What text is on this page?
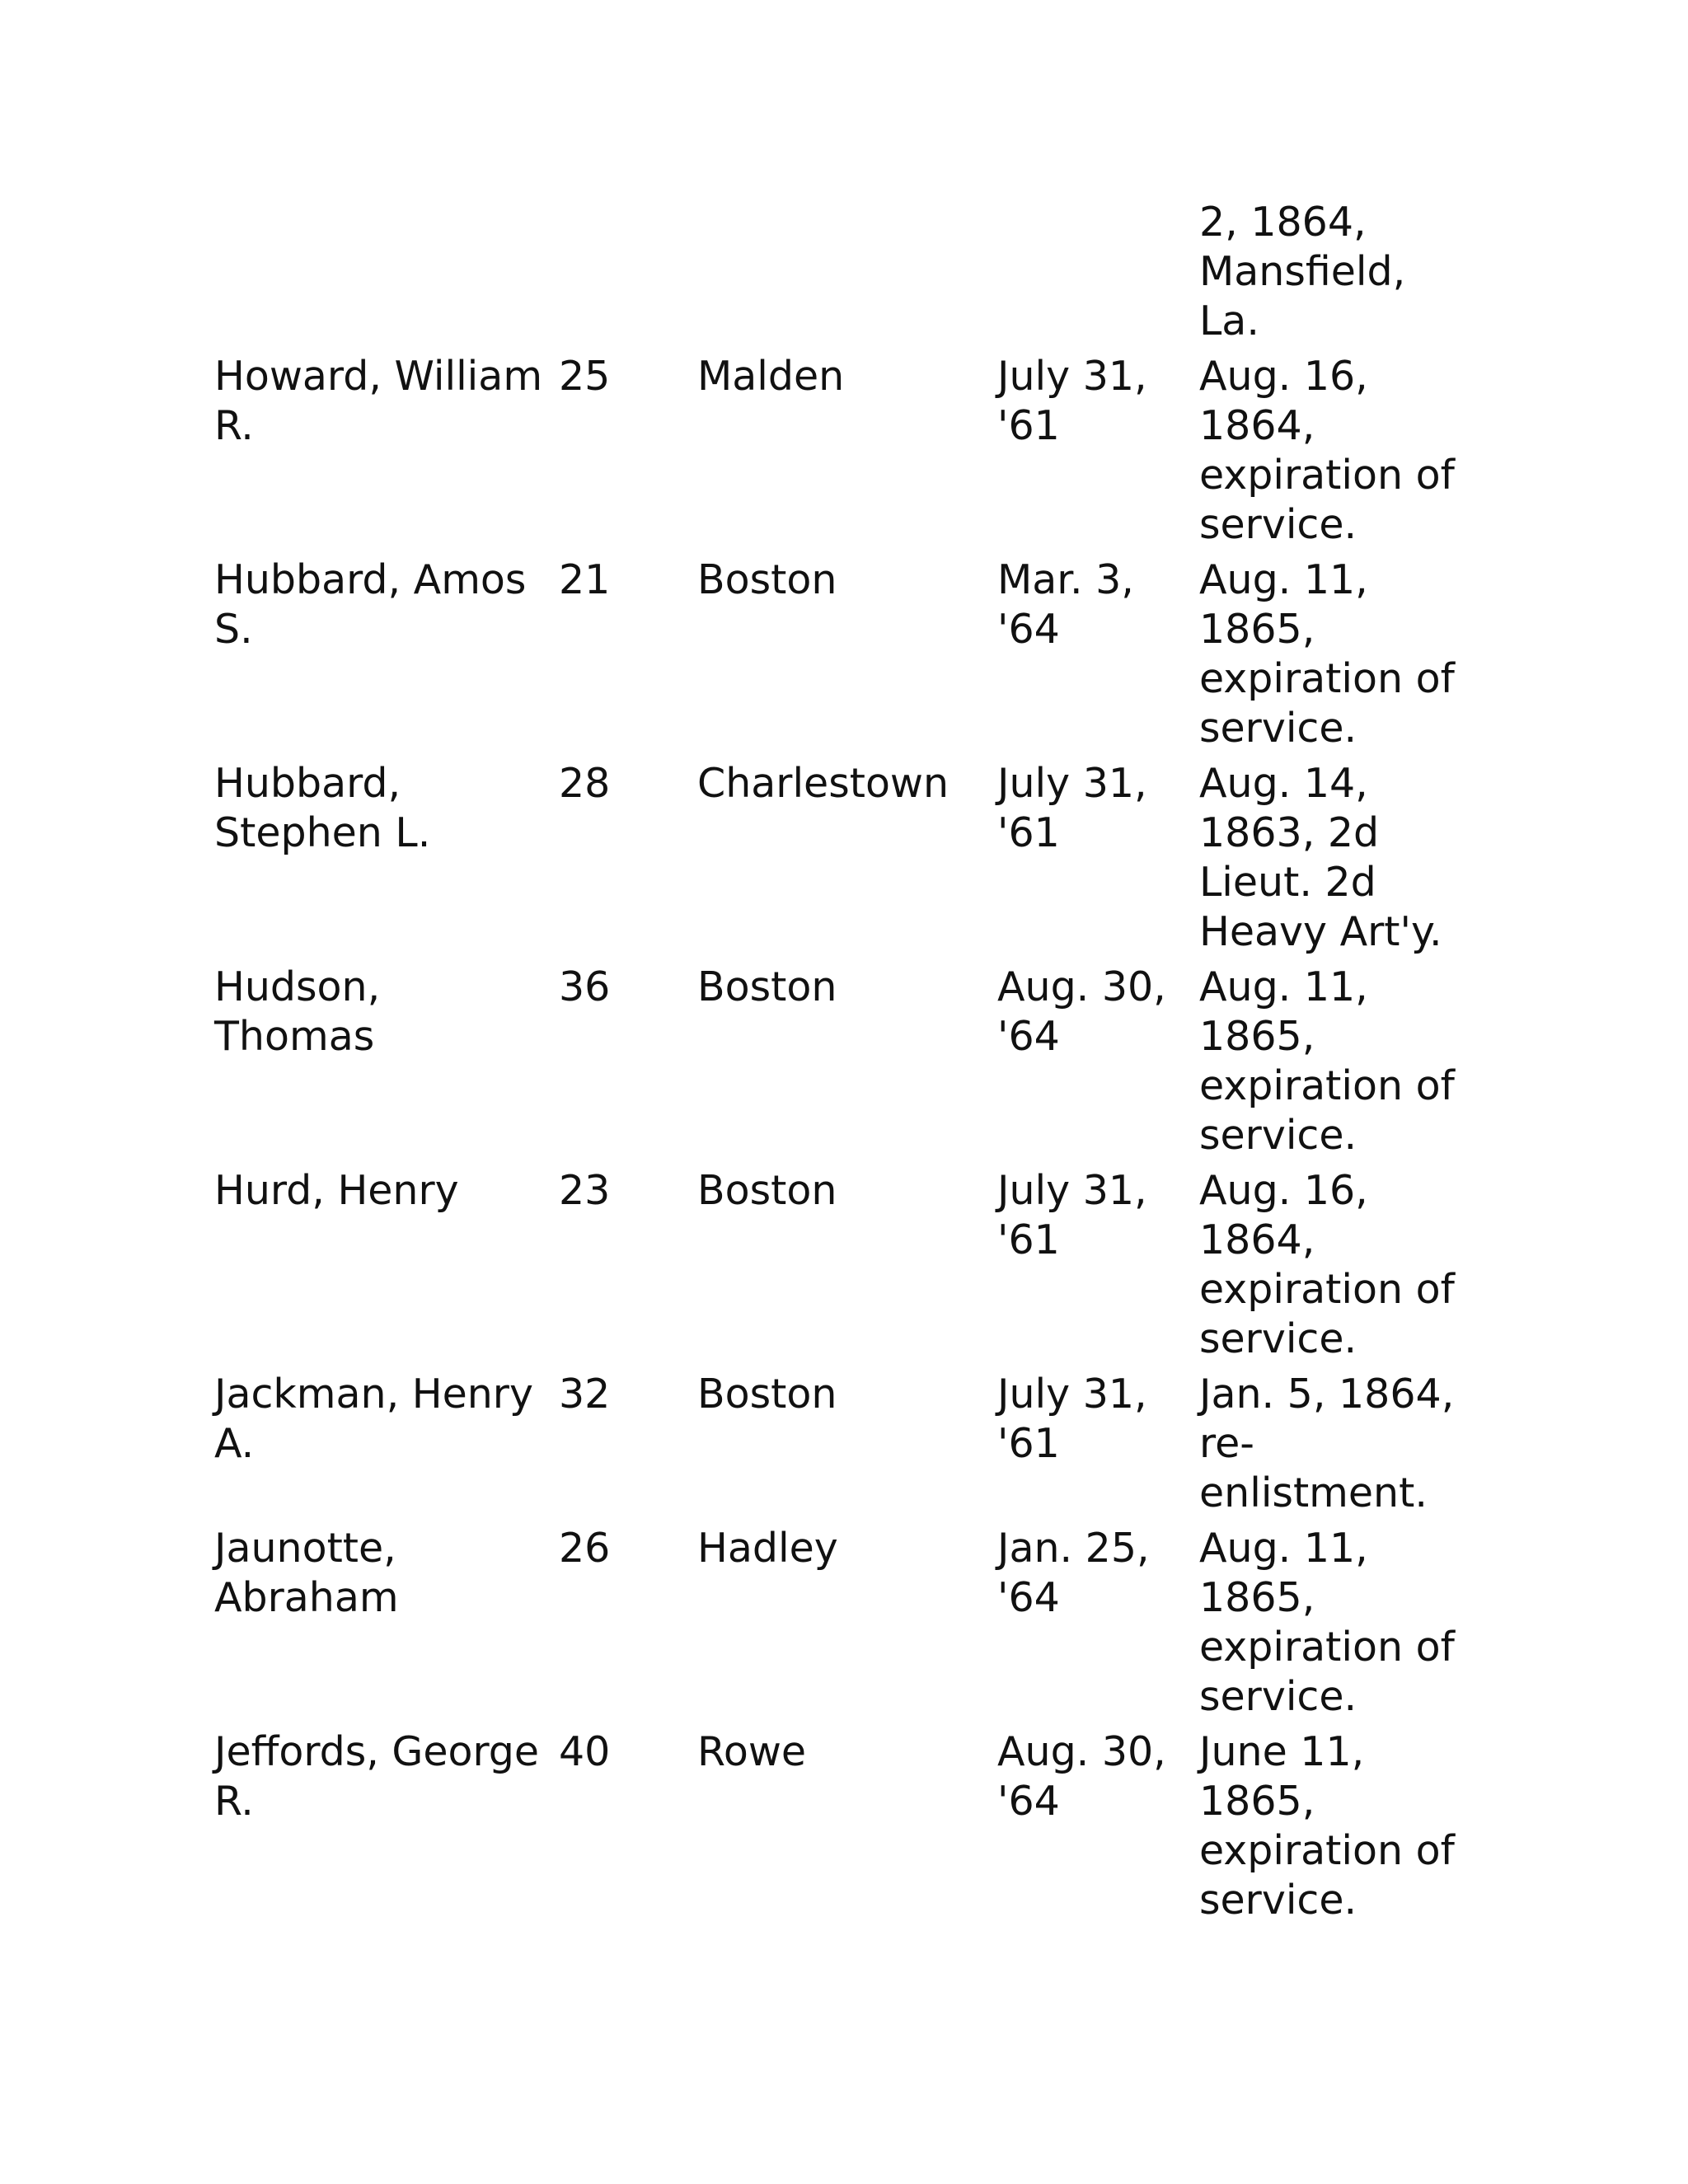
				2, 1864, Mansfield, La.

Howard, William R.	25	Malden	July 31, '61	Aug. 16, 1864, expiration of service.

Hubbard, Amos S.	21	Boston	Mar. 3, '64	Aug. 11, 1865, expiration of service.

Hubbard, Stephen L.	28	Charlestown	July 31, '61	Aug. 14, 1863, 2d Lieut. 2d Heavy Art'y.

Hudson, Thomas	36	Boston	Aug. 30, '64	Aug. 11, 1865, expiration of service.

Hurd, Henry	23	Boston	July 31, '61	Aug. 16, 1864, expiration of service.

Jackman, Henry A.	32	Boston	July 31, '61	Jan. 5, 1864, re-enlistment.

Jaunotte, Abraham	26	Hadley	Jan. 25, '64	Aug. 11, 1865, expiration of service.

Jeffords, George R.	40	Rowe	Aug. 30, '64	June 11, 1865, expiration of service.
